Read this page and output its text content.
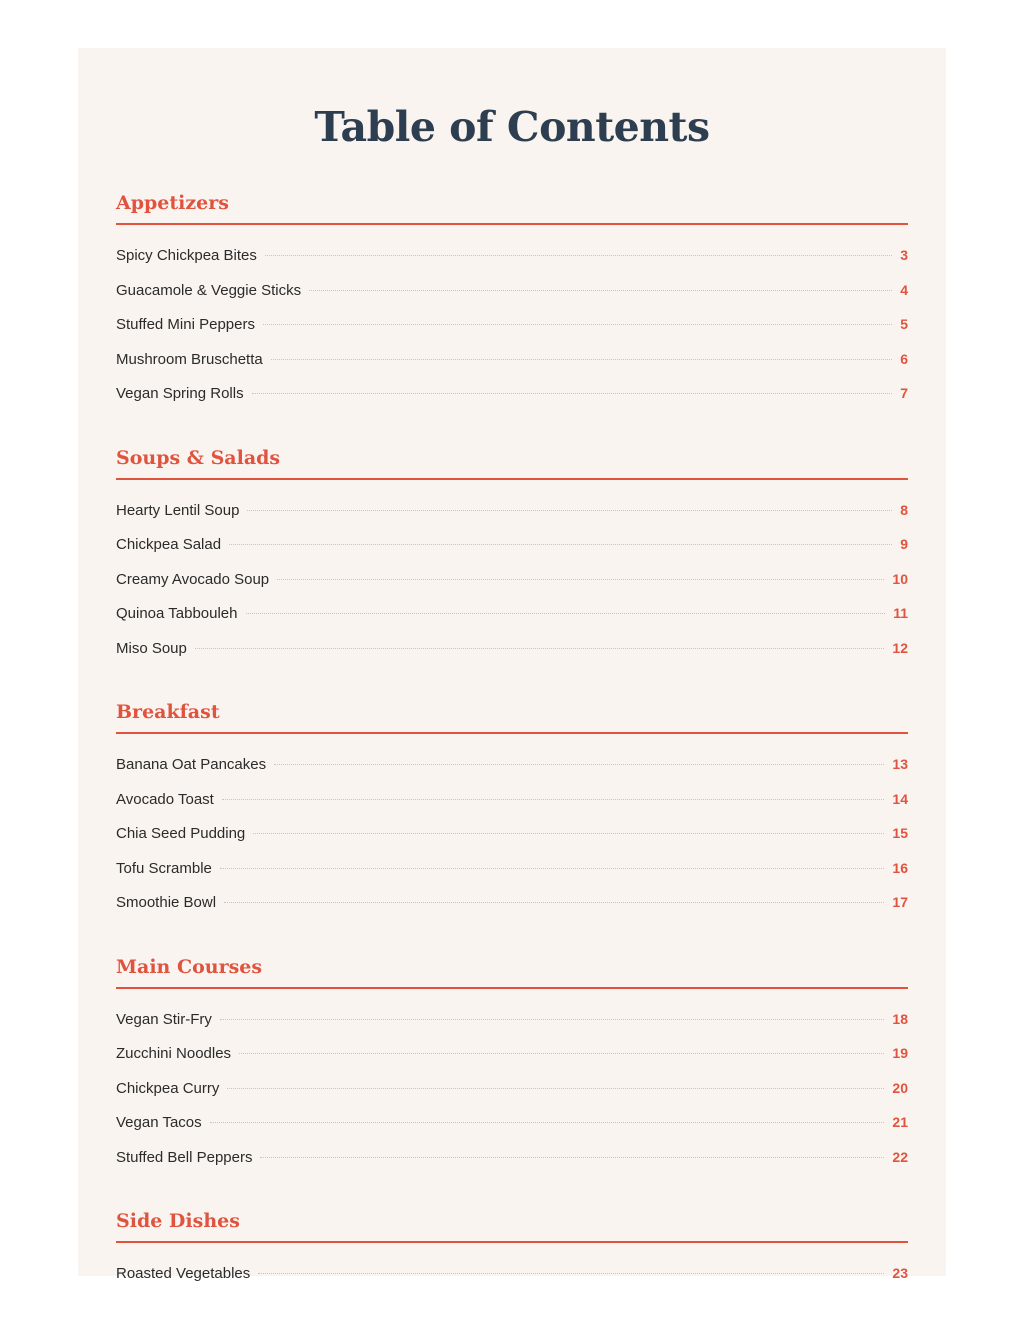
Table of Contents
Appetizers
Spicy Chickpea Bites	3
Guacamole & Veggie Sticks	4
Stuffed Mini Peppers	5
Mushroom Bruschetta	6
Vegan Spring Rolls	7
Soups & Salads
Hearty Lentil Soup	8
Chickpea Salad	9
Creamy Avocado Soup	10
Quinoa Tabbouleh	11
Miso Soup	12
Breakfast
Banana Oat Pancakes	13
Avocado Toast	14
Chia Seed Pudding	15
Tofu Scramble	16
Smoothie Bowl	17
Main Courses
Vegan Stir-Fry	18
Zucchini Noodles	19
Chickpea Curry	20
Vegan Tacos	21
Stuffed Bell Peppers	22
Side Dishes
Roasted Vegetables	23
